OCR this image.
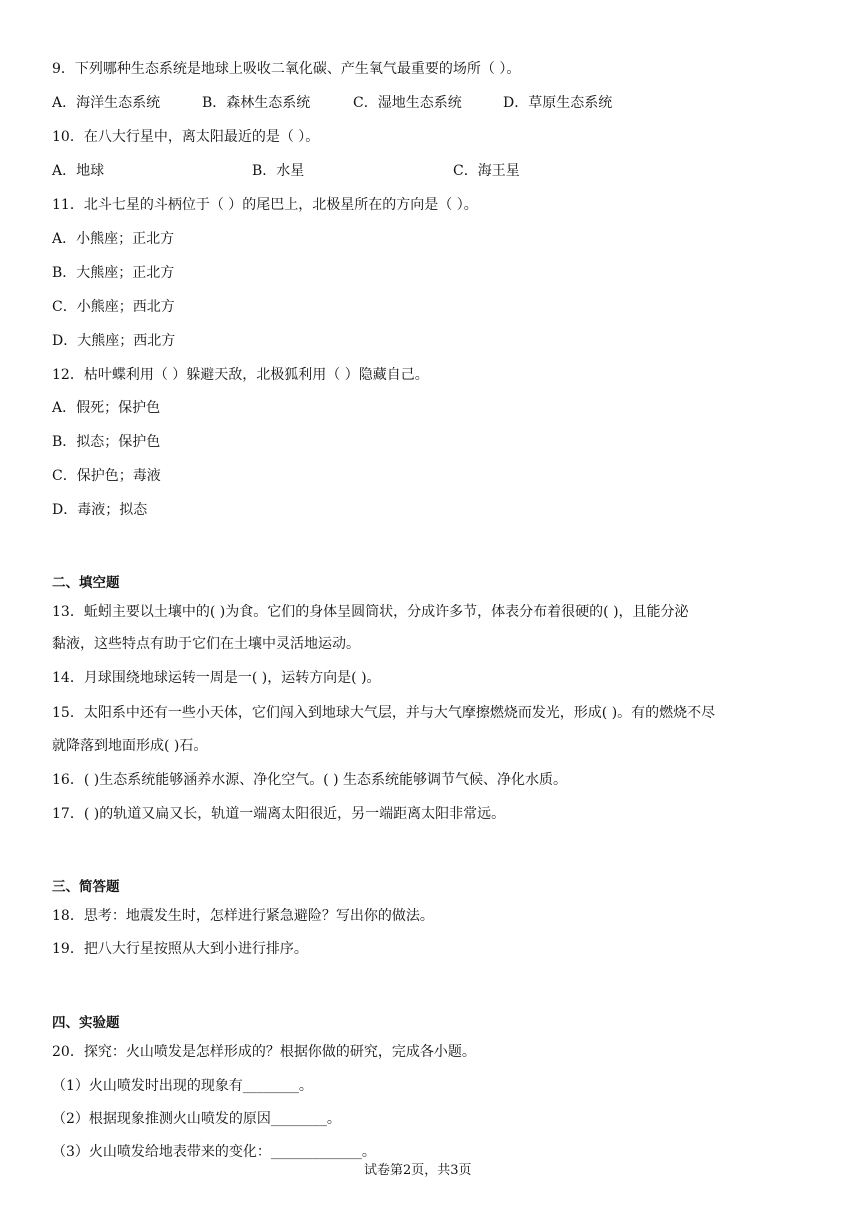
9．下列哪种生态系统是地球上吸收二氧化碳、产生氧气最重要的场所（ ）。
A．海洋生态系统	B．森林生态系统	C．湿地生态系统	D．草原生态系统
10．在八大行星中，离太阳最近的是（ ）。
A．地球	B．水星	C．海王星
11．北斗七星的斗柄位于（ ）的尾巴上，北极星所在的方向是（ ）。
A．小熊座；正北方
B．大熊座；正北方
C．小熊座；西北方
D．大熊座；西北方
12．枯叶蝶利用（ ）躲避天敌，北极狐利用（ ）隐藏自己。
A．假死；保护色
B．拟态；保护色
C．保护色；毒液
D．毒液；拟态
二、填空题
13．蚯蚓主要以土壤中的( )为食。它们的身体呈圆筒状，分成许多节，体表分布着很硬的( )，且能分泌
黏液，这些特点有助于它们在土壤中灵活地运动。
14．月球围绕地球运转一周是一( )，运转方向是( )。
15．太阳系中还有一些小天体，它们闯入到地球大气层，并与大气摩擦燃烧而发光，形成( )。有的燃烧不尽
就降落到地面形成( )石。
16．( )生态系统能够涵养水源、净化空气。( ) 生态系统能够调节气候、净化水质。
17．( )的轨道又扁又长，轨道一端离太阳很近，另一端距离太阳非常远。
三、简答题
18．思考：地震发生时，怎样进行紧急避险？写出你的做法。
19．把八大行星按照从大到小进行排序。
四、实验题
20．探究：火山喷发是怎样形成的？根据你做的研究，完成各小题。
（1）火山喷发时出现的现象有________。
（2）根据现象推测火山喷发的原因________。
（3）火山喷发给地表带来的变化：_____________。
试卷第2页，共3页
